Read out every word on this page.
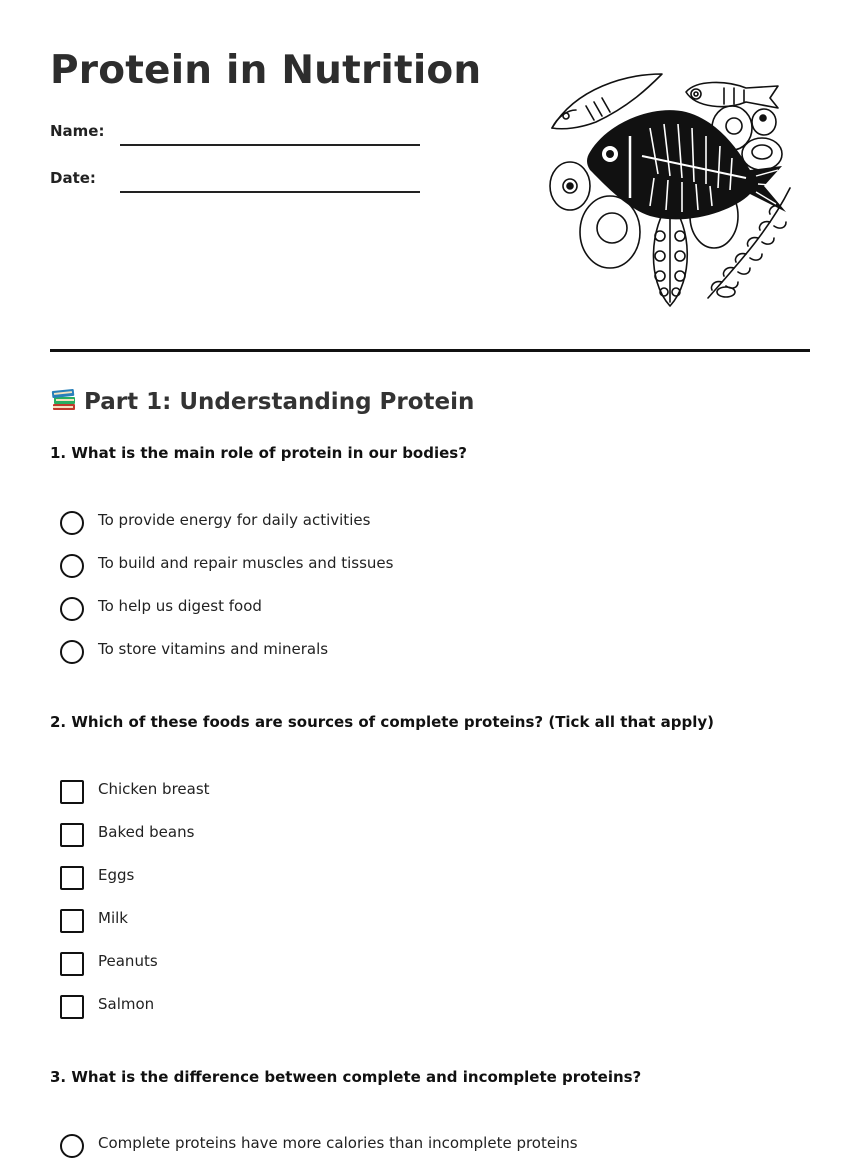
Protein in Nutrition
Name:
Date:
Part 1: Understanding Protein
1. What is the main role of protein in our bodies?
To provide energy for daily activities
To build and repair muscles and tissues
To help us digest food
To store vitamins and minerals
2. Which of these foods are sources of complete proteins? (Tick all that apply)
Chicken breast
Baked beans
Eggs
Milk
Peanuts
Salmon
3. What is the difference between complete and incomplete proteins?
Complete proteins have more calories than incomplete proteins
